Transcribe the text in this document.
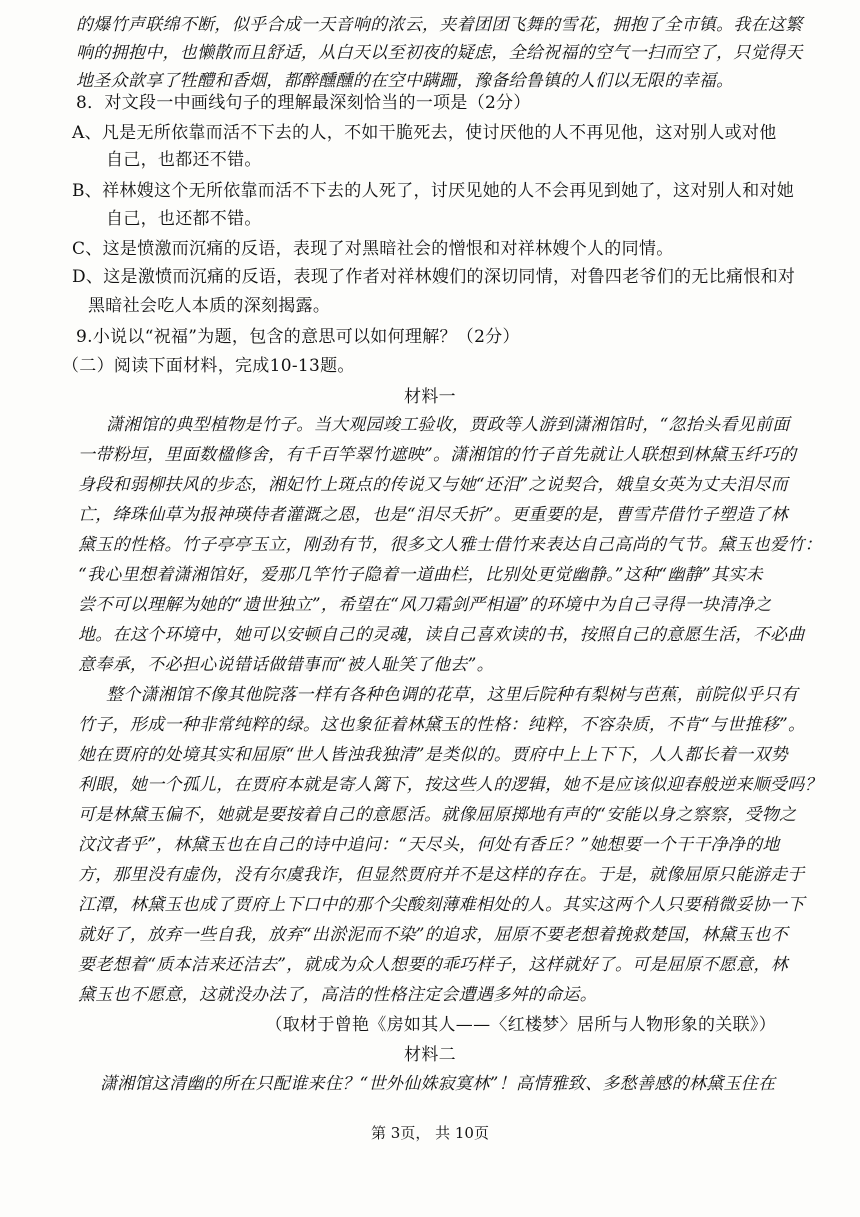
的爆竹声联绵不断，似乎合成一天音响的浓云，夹着团团飞舞的雪花，拥抱了全市镇。我在这繁
响的拥抱中，也懒散而且舒适，从白天以至初夜的疑虑，全给祝福的空气一扫而空了，只觉得天
地圣众歆享了牲醴和香烟，都醉醺醺的在空中蹒跚，豫备给鲁镇的人们以无限的幸福。
8．对文段一中画线句子的理解最深刻恰当的一项是（2分）
A、凡是无所依靠而活不下去的人，不如干脆死去，使讨厌他的人不再见他，这对别人或对他
自己，也都还不错。
B、祥林嫂这个无所依靠而活不下去的人死了，讨厌见她的人不会再见到她了，这对别人和对她
自己，也还都不错。
C、这是愤激而沉痛的反语，表现了对黑暗社会的憎恨和对祥林嫂个人的同情。
D、这是激愤而沉痛的反语，表现了作者对祥林嫂们的深切同情，对鲁四老爷们的无比痛恨和对
黑暗社会吃人本质的深刻揭露。
9.小说以“祝福”为题，包含的意思可以如何理解？（2分）
（二）阅读下面材料，完成10-13题。
材料一
潇湘馆的典型植物是竹子。当大观园竣工验收，贾政等人游到潇湘馆时，“忽抬头看见前面
一带粉垣，里面数楹修舍，有千百竿翠竹遮映”。潇湘馆的竹子首先就让人联想到林黛玉纤巧的
身段和弱柳扶风的步态，湘妃竹上斑点的传说又与她“还泪”之说契合，娥皇女英为丈夫泪尽而
亡，绛珠仙草为报神瑛侍者灌溉之恩，也是“泪尽夭折”。更重要的是，曹雪芹借竹子塑造了林
黛玉的性格。竹子亭亭玉立，刚劲有节，很多文人雅士借竹来表达自己高尚的气节。黛玉也爱竹：
“我心里想着潇湘馆好，爱那几竿竹子隐着一道曲栏，比别处更觉幽静。”这种“幽静”其实未
尝不可以理解为她的“遗世独立”，希望在“风刀霜剑严相逼”的环境中为自己寻得一块清净之
地。在这个环境中，她可以安顿自己的灵魂，读自己喜欢读的书，按照自己的意愿生活，不必曲
意奉承，不必担心说错话做错事而“被人耻笑了他去”。
整个潇湘馆不像其他院落一样有各种色调的花草，这里后院种有梨树与芭蕉，前院似乎只有
竹子，形成一种非常纯粹的绿。这也象征着林黛玉的性格：纯粹，不容杂质，不肯“与世推移”。
她在贾府的处境其实和屈原“世人皆浊我独清”是类似的。贾府中上上下下，人人都长着一双势
利眼，她一个孤儿，在贾府本就是寄人篱下，按这些人的逻辑，她不是应该似迎春般逆来顺受吗？
可是林黛玉偏不，她就是要按着自己的意愿活。就像屈原掷地有声的“安能以身之察察，受物之
汶汶者乎”，林黛玉也在自己的诗中追问：“天尽头，何处有香丘？”她想要一个干干净净的地
方，那里没有虚伪，没有尔虞我诈，但显然贾府并不是这样的存在。于是，就像屈原只能游走于
江潭，林黛玉也成了贾府上下口中的那个尖酸刻薄难相处的人。其实这两个人只要稍微妥协一下
就好了，放弃一些自我，放弃“出淤泥而不染”的追求，屈原不要老想着挽救楚国，林黛玉也不
要老想着“质本洁来还洁去”，就成为众人想要的乖巧样子，这样就好了。可是屈原不愿意，林
黛玉也不愿意，这就没办法了，高洁的性格注定会遭遇多舛的命运。
（取材于曾艳《房如其人——〈红楼梦〉居所与人物形象的关联》）
材料二
潇湘馆这清幽的所在只配谁来住？“世外仙姝寂寞林”！高情雅致、多愁善感的林黛玉住在
第 3页， 共 10页
